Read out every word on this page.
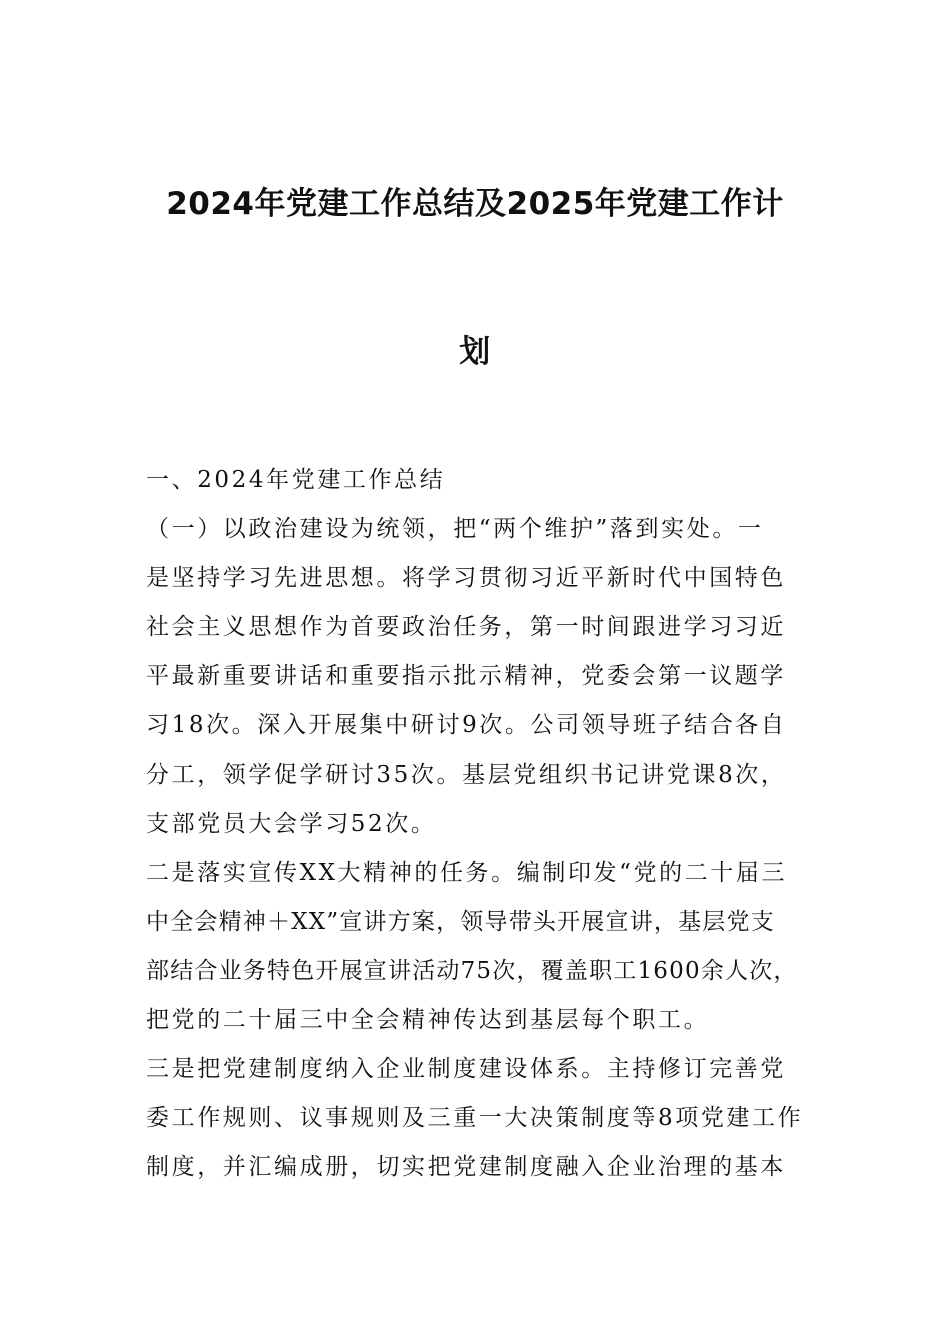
2024年党建工作总结及2025年党建工作计
划
一、2024年党建工作总结
（一）以政治建设为统领，把“两个维护”落到实处。一
是坚持学习先进思想。将学习贯彻习近平新时代中国特色
社会主义思想作为首要政治任务，第一时间跟进学习习近
平最新重要讲话和重要指示批示精神，党委会第一议题学
习18次。深入开展集中研讨9次。公司领导班子结合各自
分工，领学促学研讨35次。基层党组织书记讲党课8次，
支部党员大会学习52次。
二是落实宣传XX大精神的任务。编制印发“党的二十届三
中全会精神＋XX”宣讲方案，领导带头开展宣讲，基层党支
部结合业务特色开展宣讲活动75次，覆盖职工1600余人次，
把党的二十届三中全会精神传达到基层每个职工。
三是把党建制度纳入企业制度建设体系。主持修订完善党
委工作规则、议事规则及三重一大决策制度等8项党建工作
制度，并汇编成册，切实把党建制度融入企业治理的基本
